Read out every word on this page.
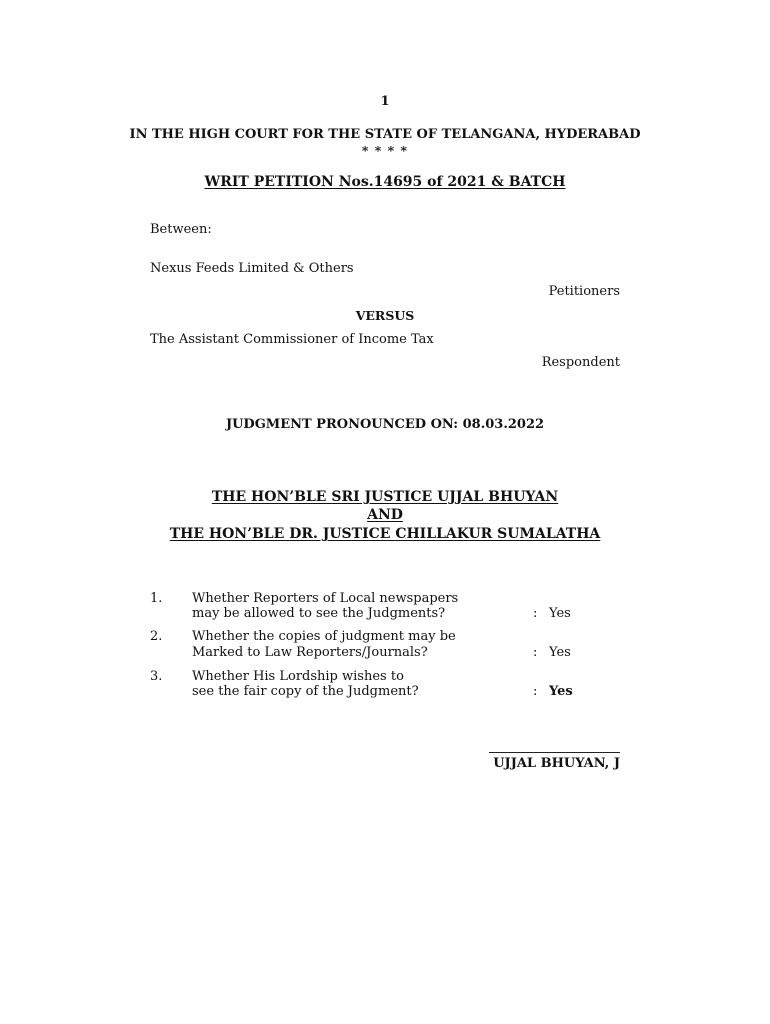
1
IN THE HIGH COURT FOR THE STATE OF TELANGANA, HYDERABAD
* * * *
WRIT PETITION Nos.14695 of 2021 & BATCH
Between:
Nexus Feeds Limited & Others
Petitioners
VERSUS
The Assistant Commissioner of Income Tax
Respondent
JUDGMENT PRONOUNCED ON: 08.03.2022
THE HON’BLE SRI JUSTICE UJJAL BHUYAN
AND
THE HON’BLE DR. JUSTICE CHILLAKUR SUMALATHA
1. Whether Reporters of Local newspapers
may be allowed to see the Judgments?	: Yes
2. Whether the copies of judgment may be
Marked to Law Reporters/Journals?	: Yes
3. Whether His Lordship wishes to
see the fair copy of the Judgment?	: Yes
UJJAL BHUYAN, J
